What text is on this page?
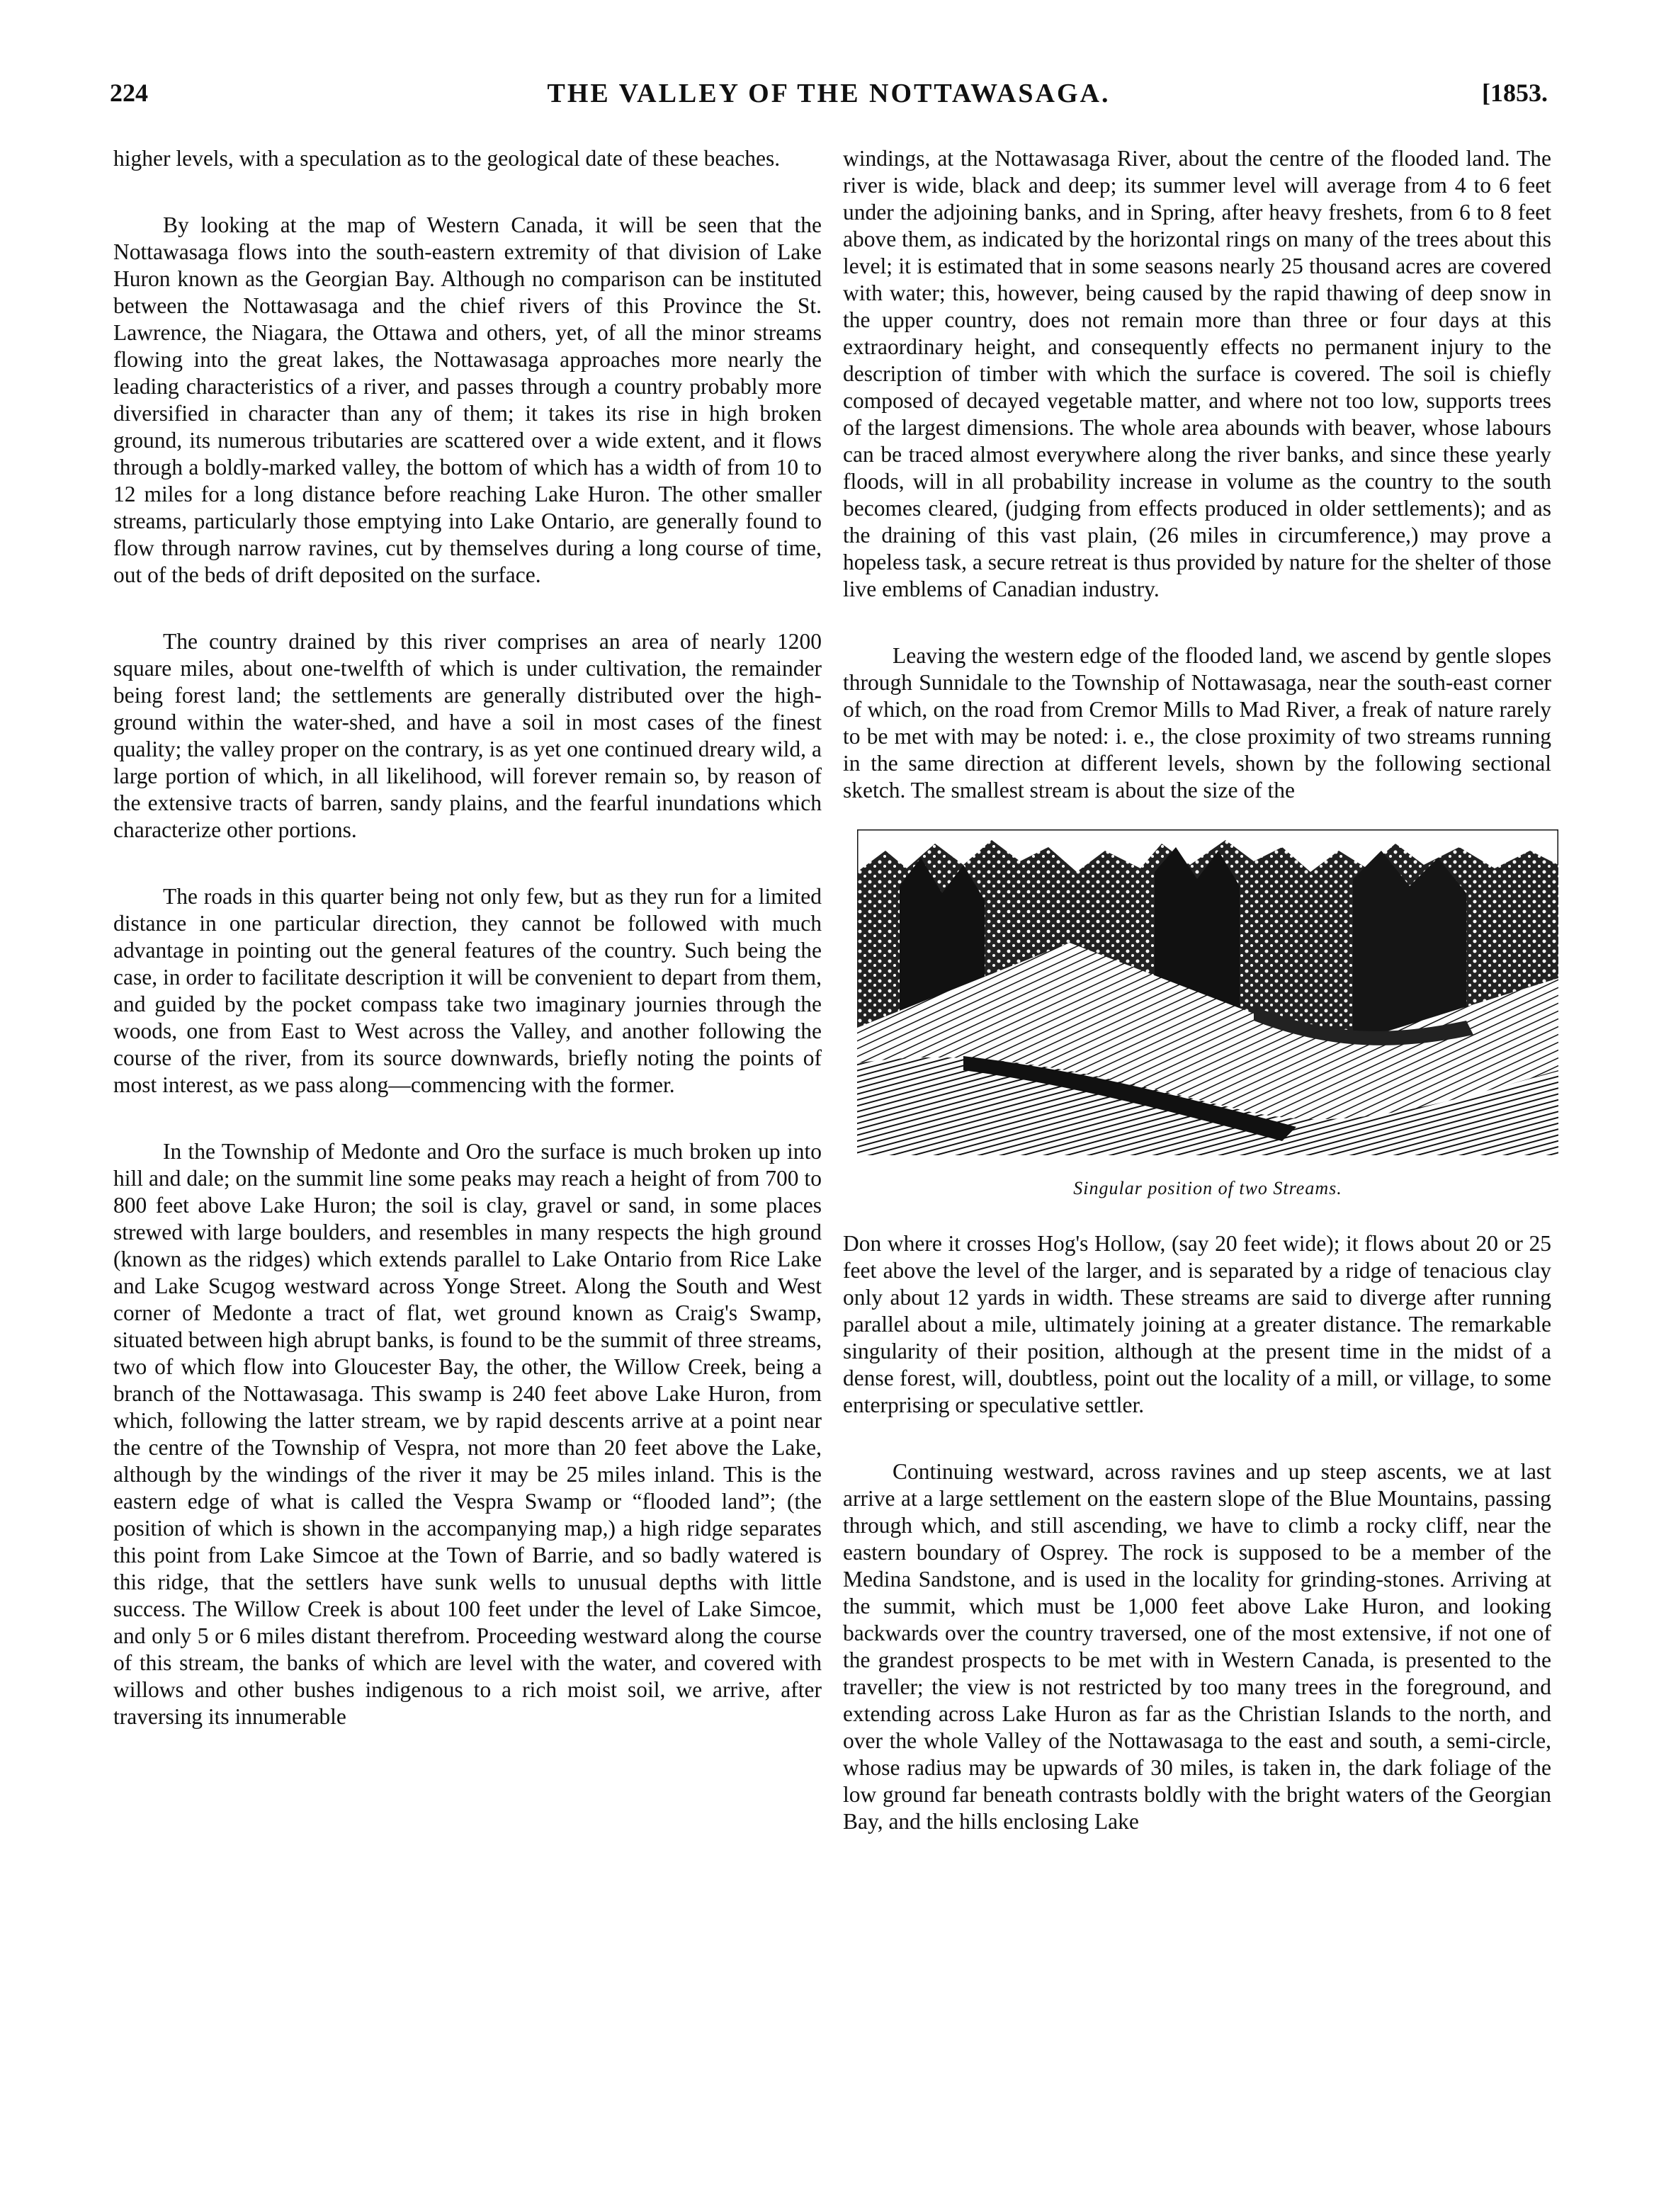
224	THE VALLEY OF THE NOTTAWASAGA.	[1853.

higher levels, with a speculation as to the geological date of these beaches.

By looking at the map of Western Canada, it will be seen that the Nottawasaga flows into the south-eastern extremity of that division of Lake Huron known as the Georgian Bay. Although no comparison can be instituted between the Nottawasaga and the chief rivers of this Province the St. Lawrence, the Niagara, the Ottawa and others, yet, of all the minor streams flowing into the great lakes, the Nottawasaga approaches more nearly the leading characteristics of a river, and passes through a country probably more diversified in character than any of them; it takes its rise in high broken ground, its numerous tributaries are scattered over a wide extent, and it flows through a boldly-marked valley, the bottom of which has a width of from 10 to 12 miles for a long distance before reaching Lake Huron. The other smaller streams, particularly those emptying into Lake Ontario, are generally found to flow through narrow ravines, cut by themselves during a long course of time, out of the beds of drift deposited on the surface.

The country drained by this river comprises an area of nearly 1200 square miles, about one-twelfth of which is under cultivation, the remainder being forest land; the settlements are generally distributed over the high-ground within the water-shed, and have a soil in most cases of the finest quality; the valley proper on the contrary, is as yet one continued dreary wild, a large portion of which, in all likelihood, will forever remain so, by reason of the extensive tracts of barren, sandy plains, and the fearful inundations which characterize other portions.

The roads in this quarter being not only few, but as they run for a limited distance in one particular direction, they cannot be followed with much advantage in pointing out the general features of the country. Such being the case, in order to facilitate description it will be convenient to depart from them, and guided by the pocket compass take two imaginary journies through the woods, one from East to West across the Valley, and another following the course of the river, from its source downwards, briefly noting the points of most interest, as we pass along—commencing with the former.

In the Township of Medonte and Oro the surface is much broken up into hill and dale; on the summit line some peaks may reach a height of from 700 to 800 feet above Lake Huron; the soil is clay, gravel or sand, in some places strewed with large boulders, and resembles in many respects the high ground (known as the ridges) which extends parallel to Lake Ontario from Rice Lake and Lake Scugog westward across Yonge Street. Along the South and West corner of Medonte a tract of flat, wet ground known as Craig's Swamp, situated between high abrupt banks, is found to be the summit of three streams, two of which flow into Gloucester Bay, the other, the Willow Creek, being a branch of the Nottawasaga. This swamp is 240 feet above Lake Huron, from which, following the latter stream, we by rapid descents arrive at a point near the centre of the Township of Vespra, not more than 20 feet above the Lake, although by the windings of the river it may be 25 miles inland. This is the eastern edge of what is called the Vespra Swamp or “flooded land”; (the position of which is shown in the accompanying map,) a high ridge separates this point from Lake Simcoe at the Town of Barrie, and so badly watered is this ridge, that the settlers have sunk wells to unusual depths with little success. The Willow Creek is about 100 feet under the level of Lake Simcoe, and only 5 or 6 miles distant therefrom. Proceeding westward along the course of this stream, the banks of which are level with the water, and covered with willows and other bushes indigenous to a rich moist soil, we arrive, after traversing its innumerable

windings, at the Nottawasaga River, about the centre of the flooded land. The river is wide, black and deep; its summer level will average from 4 to 6 feet under the adjoining banks, and in Spring, after heavy freshets, from 6 to 8 feet above them, as indicated by the horizontal rings on many of the trees about this level; it is estimated that in some seasons nearly 25 thousand acres are covered with water; this, however, being caused by the rapid thawing of deep snow in the upper country, does not remain more than three or four days at this extraordinary height, and consequently effects no permanent injury to the description of timber with which the surface is covered. The soil is chiefly composed of decayed vegetable matter, and where not too low, supports trees of the largest dimensions. The whole area abounds with beaver, whose labours can be traced almost everywhere along the river banks, and since these yearly floods, will in all probability increase in volume as the country to the south becomes cleared, (judging from effects produced in older settlements); and as the draining of this vast plain, (26 miles in circumference,) may prove a hopeless task, a secure retreat is thus provided by nature for the shelter of those live emblems of Canadian industry.

Leaving the western edge of the flooded land, we ascend by gentle slopes through Sunnidale to the Township of Nottawasaga, near the south-east corner of which, on the road from Cremor Mills to Mad River, a freak of nature rarely to be met with may be noted: i. e., the close proximity of two streams running in the same direction at different levels, shown by the following sectional sketch. The smallest stream is about the size of the

Singular position of two Streams.

Don where it crosses Hog's Hollow, (say 20 feet wide); it flows about 20 or 25 feet above the level of the larger, and is separated by a ridge of tenacious clay only about 12 yards in width. These streams are said to diverge after running parallel about a mile, ultimately joining at a greater distance. The remarkable singularity of their position, although at the present time in the midst of a dense forest, will, doubtless, point out the locality of a mill, or village, to some enterprising or speculative settler.

Continuing westward, across ravines and up steep ascents, we at last arrive at a large settlement on the eastern slope of the Blue Mountains, passing through which, and still ascending, we have to climb a rocky cliff, near the eastern boundary of Osprey. The rock is supposed to be a member of the Medina Sandstone, and is used in the locality for grinding-stones. Arriving at the summit, which must be 1,000 feet above Lake Huron, and looking backwards over the country traversed, one of the most extensive, if not one of the grandest prospects to be met with in Western Canada, is presented to the traveller; the view is not restricted by too many trees in the foreground, and extending across Lake Huron as far as the Christian Islands to the north, and over the whole Valley of the Nottawasaga to the east and south, a semi-circle, whose radius may be upwards of 30 miles, is taken in, the dark foliage of the low ground far beneath contrasts boldly with the bright waters of the Georgian Bay, and the hills enclosing Lake
